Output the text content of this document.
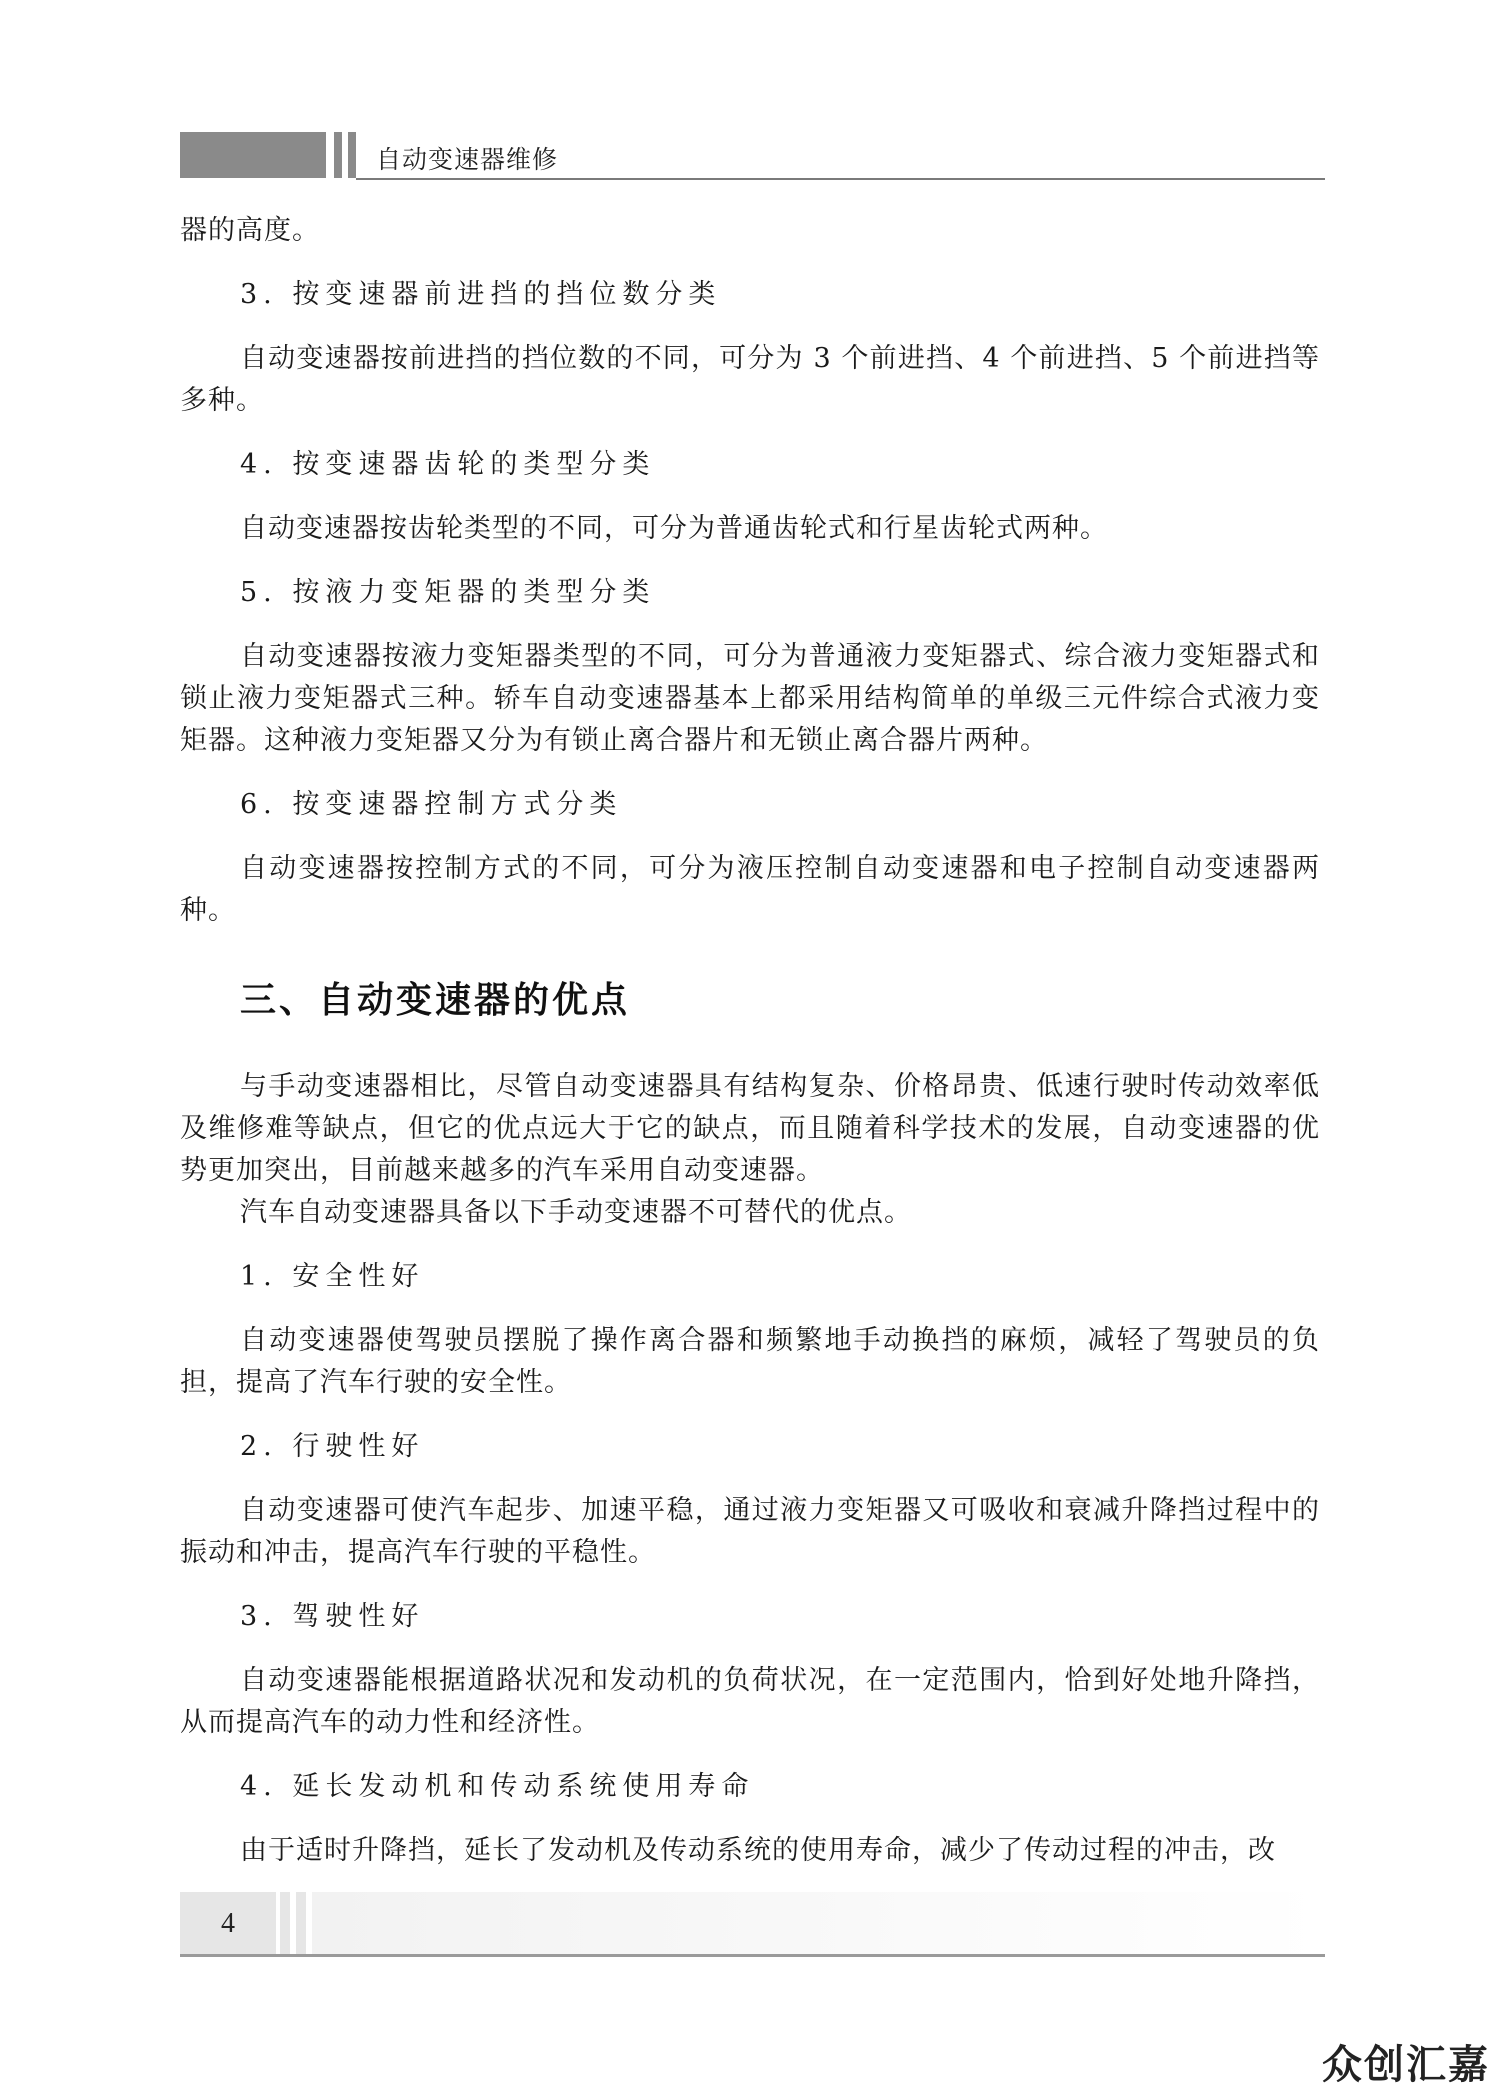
自动变速器维修

器的高度。

3. 按变速器前进挡的挡位数分类

自动变速器按前进挡的挡位数的不同，可分为 3 个前进挡、4 个前进挡、5 个前进挡等多种。

4. 按变速器齿轮的类型分类

自动变速器按齿轮类型的不同，可分为普通齿轮式和行星齿轮式两种。

5. 按液力变矩器的类型分类

自动变速器按液力变矩器类型的不同，可分为普通液力变矩器式、综合液力变矩器式和锁止液力变矩器式三种。轿车自动变速器基本上都采用结构简单的单级三元件综合式液力变矩器。这种液力变矩器又分为有锁止离合器片和无锁止离合器片两种。

6. 按变速器控制方式分类

自动变速器按控制方式的不同，可分为液压控制自动变速器和电子控制自动变速器两种。

三、自动变速器的优点

与手动变速器相比，尽管自动变速器具有结构复杂、价格昂贵、低速行驶时传动效率低及维修难等缺点，但它的优点远大于它的缺点，而且随着科学技术的发展，自动变速器的优势更加突出，目前越来越多的汽车采用自动变速器。

汽车自动变速器具备以下手动变速器不可替代的优点。

1. 安全性好

自动变速器使驾驶员摆脱了操作离合器和频繁地手动换挡的麻烦，减轻了驾驶员的负担，提高了汽车行驶的安全性。

2. 行驶性好

自动变速器可使汽车起步、加速平稳，通过液力变矩器又可吸收和衰减升降挡过程中的振动和冲击，提高汽车行驶的平稳性。

3. 驾驶性好

自动变速器能根据道路状况和发动机的负荷状况，在一定范围内，恰到好处地升降挡，从而提高汽车的动力性和经济性。

4. 延长发动机和传动系统使用寿命

由于适时升降挡，延长了发动机及传动系统的使用寿命，减少了传动过程的冲击，改

4
众创汇嘉
